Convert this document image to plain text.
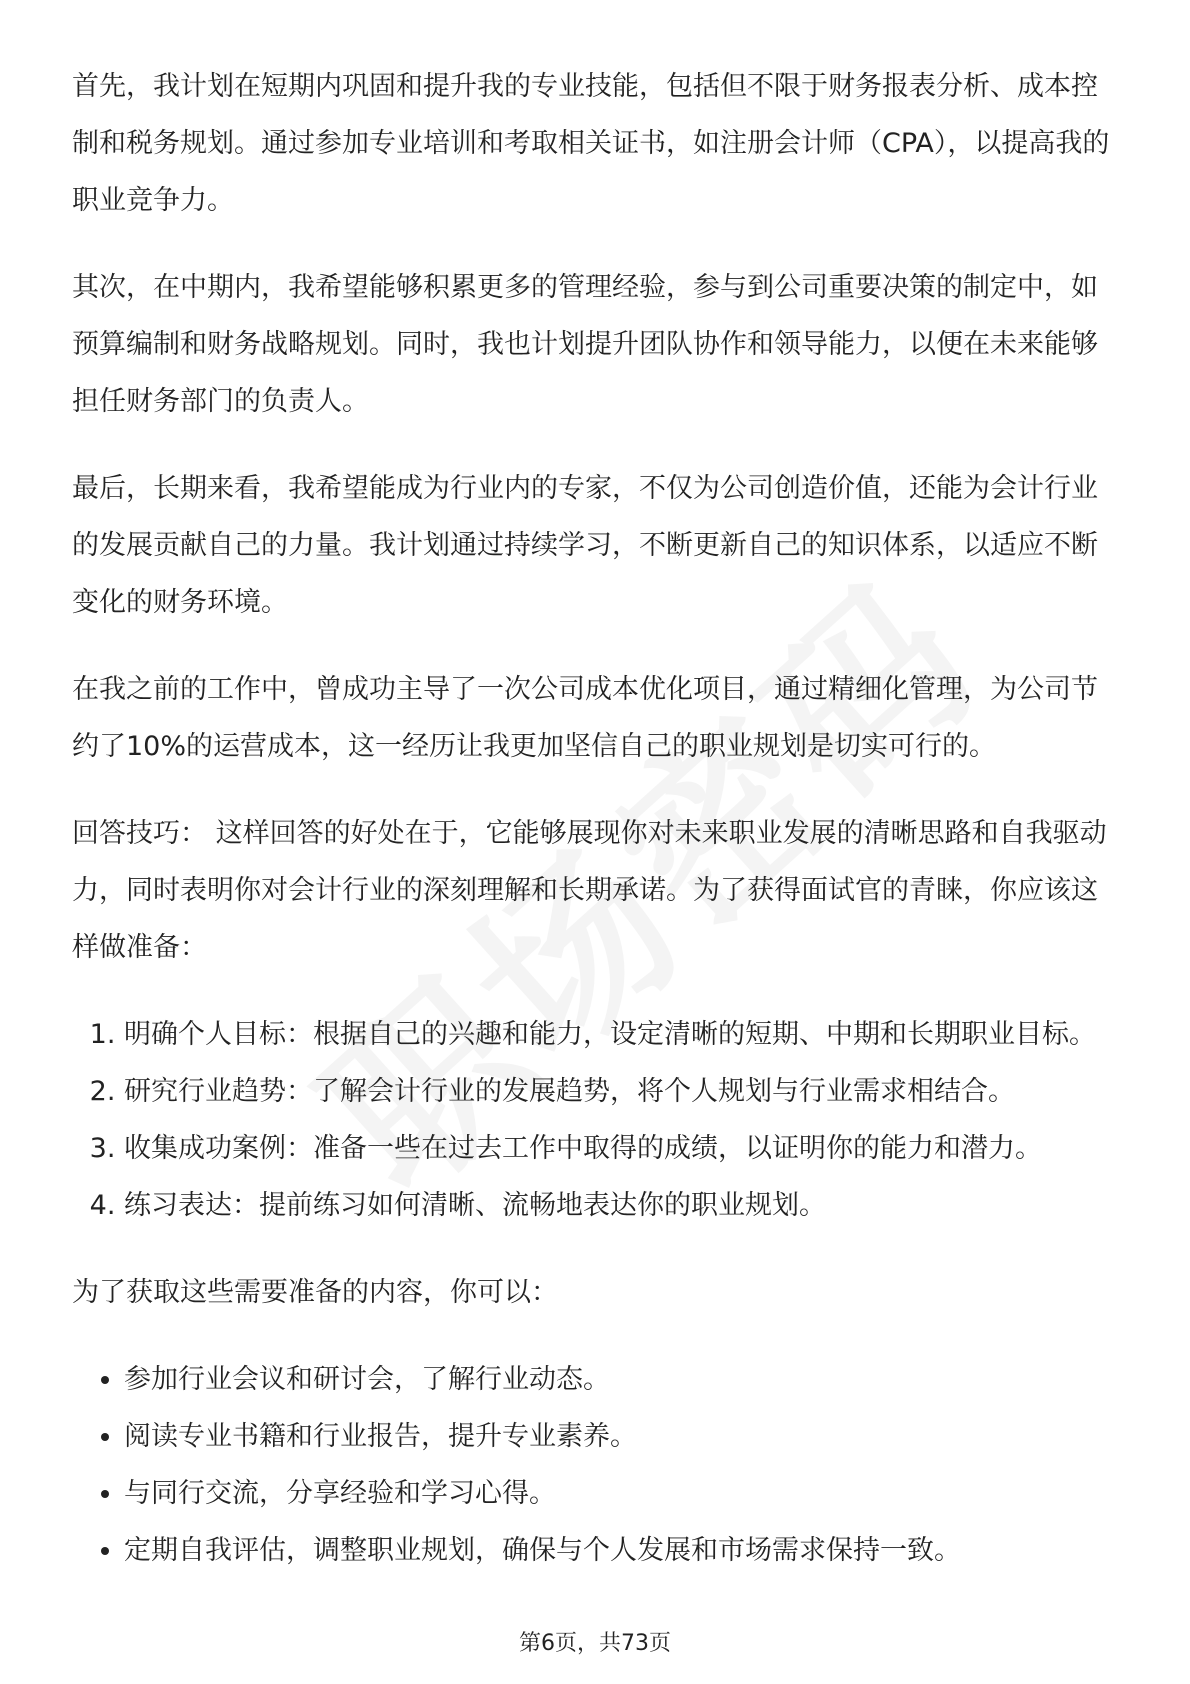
首先，我计划在短期内巩固和提升我的专业技能，包括但不限于财务报表分析、成本控制和税务规划。通过参加专业培训和考取相关证书，如注册会计师（CPA），以提高我的职业竞争力。

其次，在中期内，我希望能够积累更多的管理经验，参与到公司重要决策的制定中，如预算编制和财务战略规划。同时，我也计划提升团队协作和领导能力，以便在未来能够担任财务部门的负责人。

最后，长期来看，我希望能成为行业内的专家，不仅为公司创造价值，还能为会计行业的发展贡献自己的力量。我计划通过持续学习，不断更新自己的知识体系，以适应不断变化的财务环境。

在我之前的工作中，曾成功主导了一次公司成本优化项目，通过精细化管理，为公司节约了10%的运营成本，这一经历让我更加坚信自己的职业规划是切实可行的。

回答技巧： 这样回答的好处在于，它能够展现你对未来职业发展的清晰思路和自我驱动力，同时表明你对会计行业的深刻理解和长期承诺。为了获得面试官的青睐，你应该这样做准备：

1. 明确个人目标：根据自己的兴趣和能力，设定清晰的短期、中期和长期职业目标。
2. 研究行业趋势：了解会计行业的发展趋势，将个人规划与行业需求相结合。
3. 收集成功案例：准备一些在过去工作中取得的成绩，以证明你的能力和潜力。
4. 练习表达：提前练习如何清晰、流畅地表达你的职业规划。

为了获取这些需要准备的内容，你可以：

• 参加行业会议和研讨会，了解行业动态。
• 阅读专业书籍和行业报告，提升专业素养。
• 与同行交流，分享经验和学习心得。
• 定期自我评估，调整职业规划，确保与个人发展和市场需求保持一致。
第6页，共73页
